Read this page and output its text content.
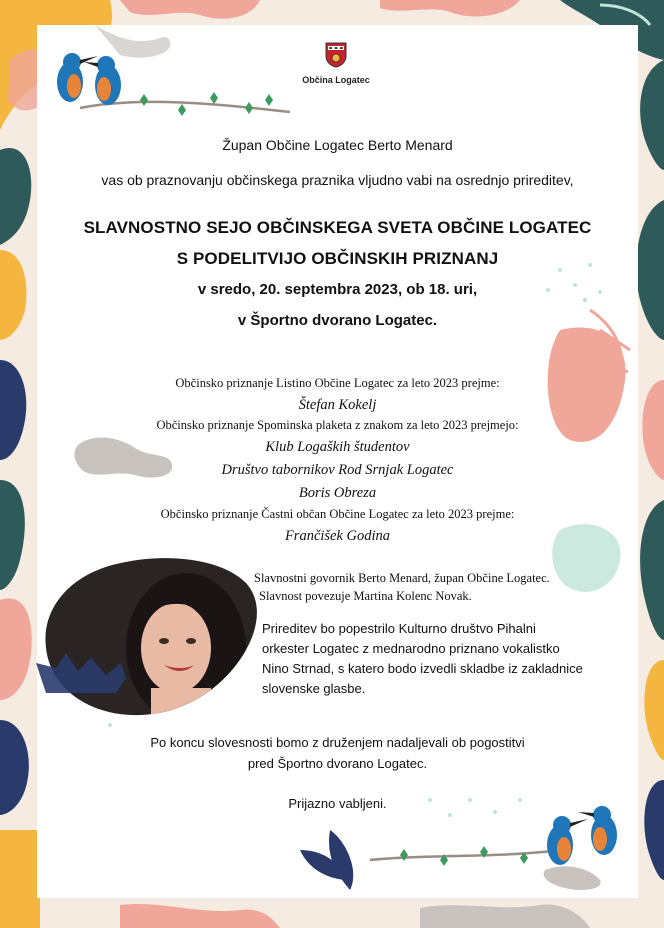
Občina Logatec
Župan Občine Logatec Berto Menard
vas ob praznovanju občinskega praznika vljudno vabi na osrednjo prireditev,
SLAVNOSTNO SEJO OBČINSKEGA SVETA OBČINE LOGATEC
S PODELITVIJO OBČINSKIH PRIZNANJ
v sredo, 20. septembra 2023, ob 18. uri,
v Športno dvorano Logatec.
Občinsko priznanje Listino Občine Logatec za leto 2023 prejme:
Štefan Kokelj
Občinsko priznanje Spominska plaketa z znakom za leto 2023 prejmejo:
Klub Logaških študentov
Društvo tabornikov Rod Srnjak Logatec
Boris Obreza
Občinsko priznanje Častni občan Občine Logatec za leto 2023 prejme:
Frančišek Godina
Slavnostni govornik Berto Menard, župan Občine Logatec.
Slavnost povezuje Martina Kolenc Novak.
Prireditev bo popestrilo Kulturno društvo Pihalni
orkester Logatec z mednarodno priznano vokalistko
Nino Strnad, s katero bodo izvedli skladbe iz zakladnice
slovenske glasbe.
Po koncu slovesnosti bomo z druženjem nadaljevali ob pogostitvi
pred Športno dvorano Logatec.
Prijazno vabljeni.
